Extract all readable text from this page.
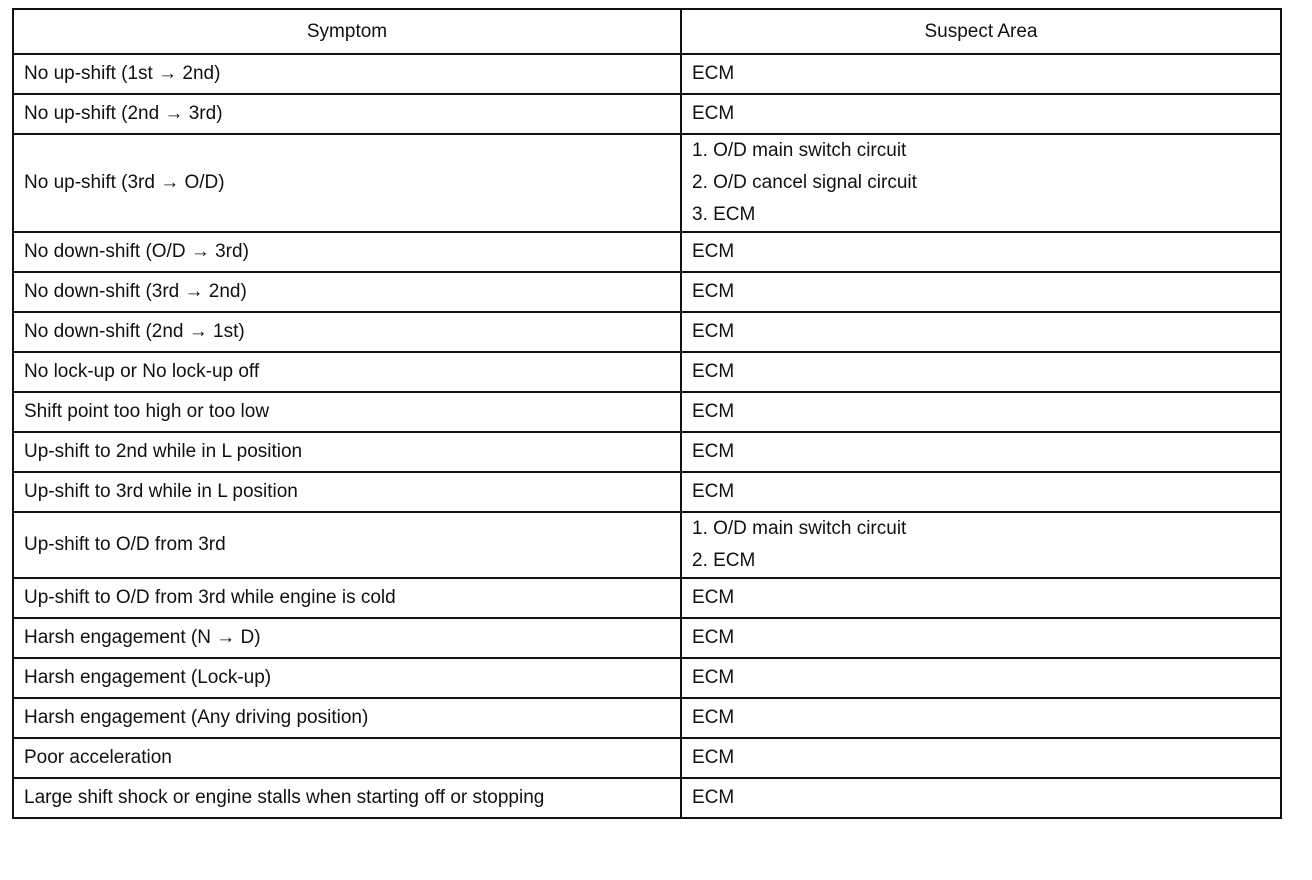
Symptom	Suspect Area
No up-shift (1st → 2nd)	ECM

No up-shift (2nd → 3rd)	ECM

No up-shift (3rd → O/D)	1. O/D main switch circuit
2. O/D cancel signal circuit
3. ECM

No down-shift (O/D → 3rd)	ECM

No down-shift (3rd → 2nd)	ECM

No down-shift (2nd → 1st)	ECM

No lock-up or No lock-up off	ECM

Shift point too high or too low	ECM

Up-shift to 2nd while in L position	ECM

Up-shift to 3rd while in L position	ECM

Up-shift to O/D from 3rd	1. O/D main switch circuit
2. ECM

Up-shift to O/D from 3rd while engine is cold	ECM

Harsh engagement (N → D)	ECM

Harsh engagement (Lock-up)	ECM

Harsh engagement (Any driving position)	ECM

Poor acceleration	ECM

Large shift shock or engine stalls when starting off or stopping	ECM
